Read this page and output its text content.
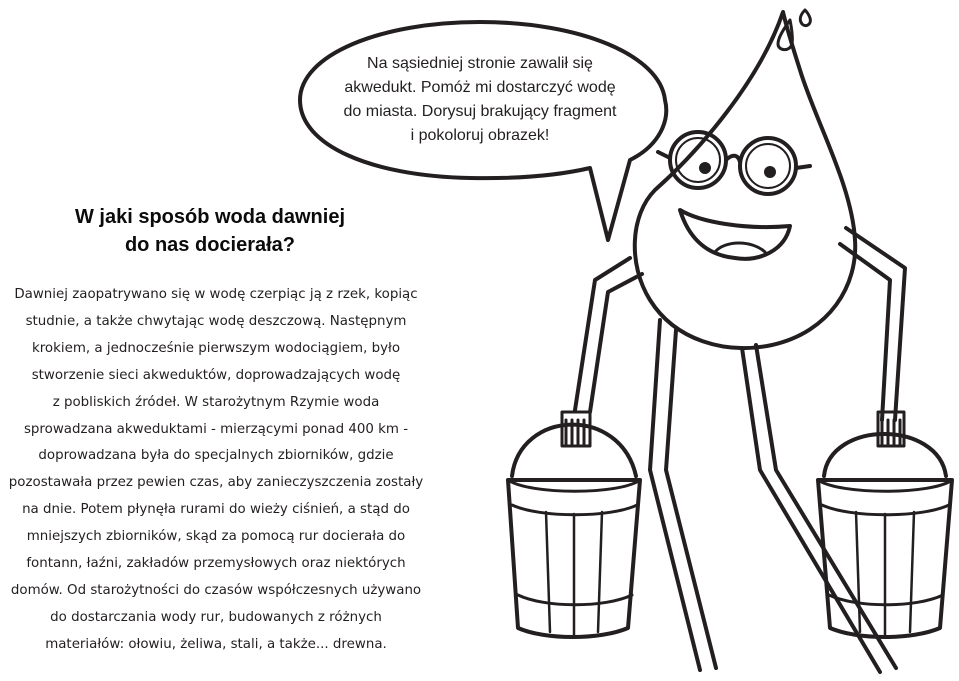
Na sąsiedniej stronie zawalił się
akwedukt. Pomóż mi dostarczyć wodę
do miasta. Dorysuj brakujący fragment
i pokoloruj obrazek!
W jaki sposób woda dawniej
do nas docierała?
Dawniej zaopatrywano się w wodę czerpiąc ją z rzek, kopiąc
studnie, a także chwytając wodę deszczową. Następnym
krokiem, a jednocześnie pierwszym wodociągiem, było
stworzenie sieci akweduktów, doprowadzających wodę
z pobliskich źródeł. W starożytnym Rzymie woda
sprowadzana akweduktami - mierzącymi ponad 400 km -
doprowadzana była do specjalnych zbiorników, gdzie
pozostawała przez pewien czas, aby zanieczyszczenia zostały
na dnie. Potem płynęła rurami do wieży ciśnień, a stąd do
mniejszych zbiorników, skąd za pomocą rur docierała do
fontann, łaźni, zakładów przemysłowych oraz niektórych
domów. Od starożytności do czasów współczesnych używano
do dostarczania wody rur, budowanych z różnych
materiałów: ołowiu, żeliwa, stali, a także... drewna.
